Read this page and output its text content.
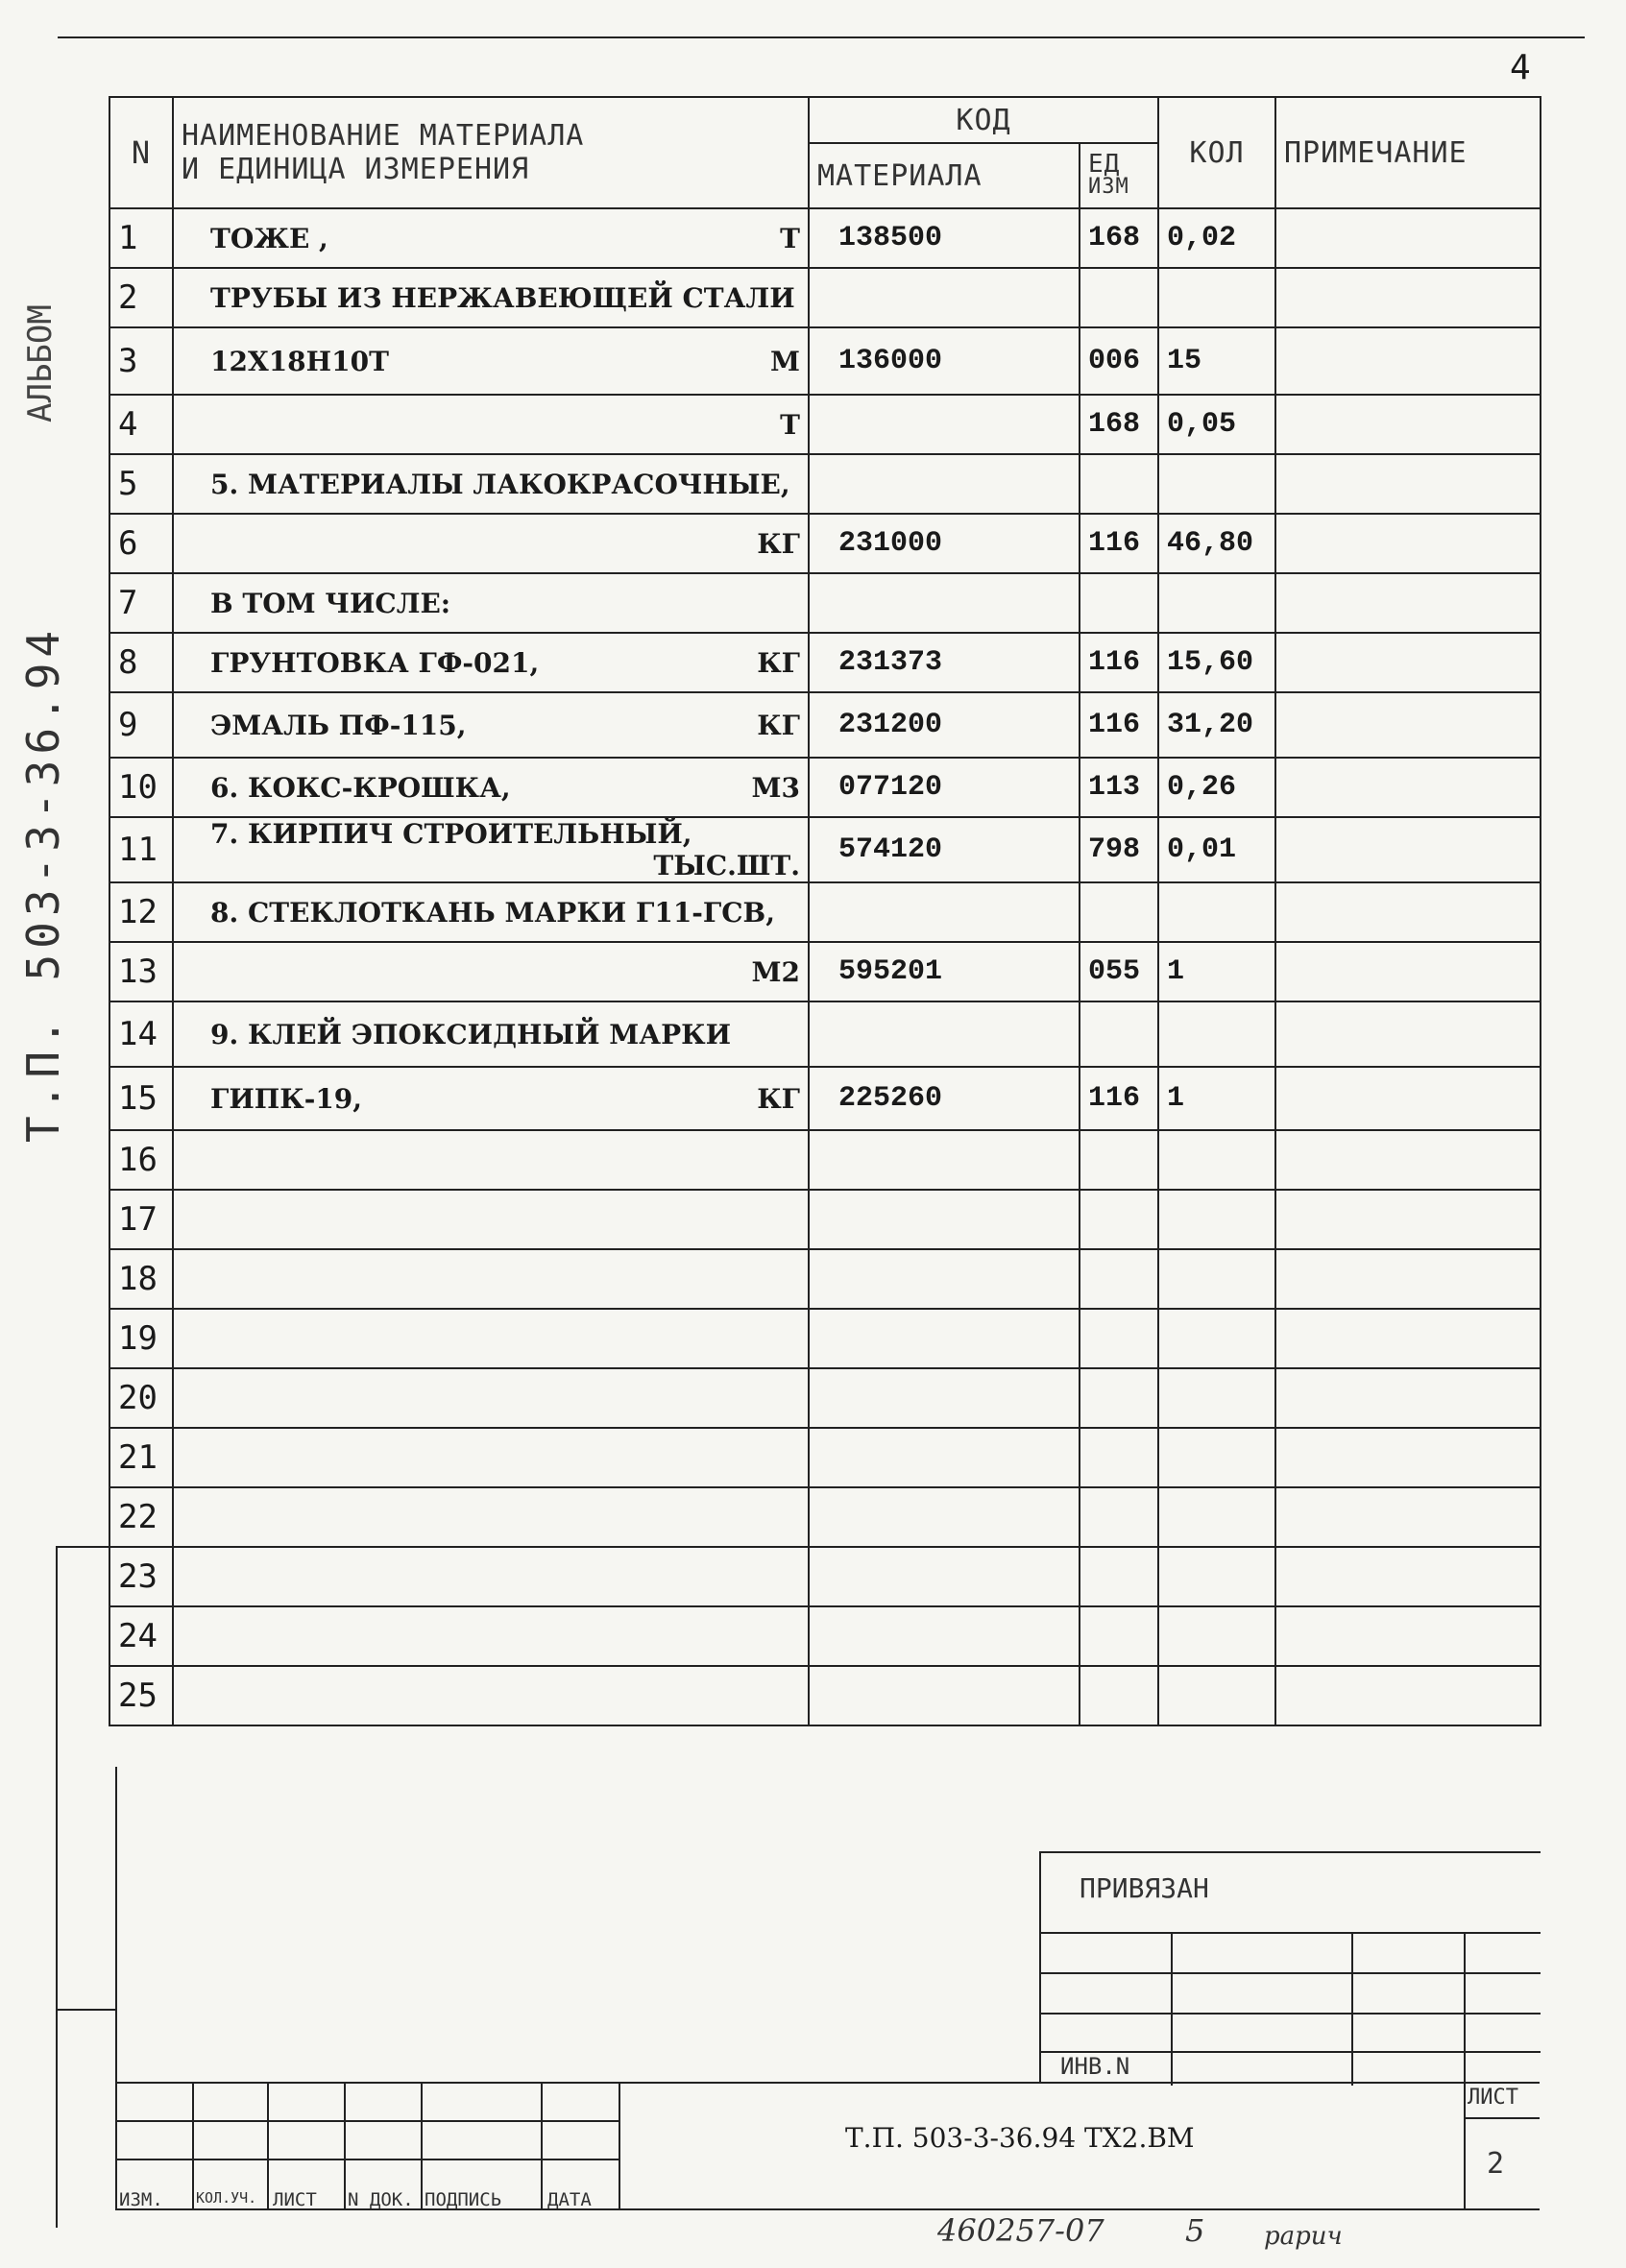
4
АЛЬБОМ
Т.П. 503-3-36.94
N	НАИМЕНОВАНИЕ МАТЕРИАЛА
И ЕДИНИЦА ИЗМЕРЕНИЯ	КОД		КОЛ	ПРИМЕЧАНИЕ
		МАТЕРИАЛА	ЕД
ИЗМ		

1	ТОЖЕ , Т	138500	168	0,02	
2	ТРУБЫ ИЗ НЕРЖАВЕЮЩЕЙ СТАЛИ

3	12Х18Н10Т М	136000	006	15	
4	Т		168	0,05	
5	5. МАТЕРИАЛЫ ЛАКОКРАСОЧНЫЕ,

6	КГ	231000	116	46,80	
7	В ТОМ ЧИСЛЕ:

8	ГРУНТОВКА ГФ-021, КГ	231373	116	15,60	
9	ЭМАЛЬ ПФ-115, КГ	231200	116	31,20	
10	6. КОКС-КРОШКА, М3	077120	113	0,26	
11	7. КИРПИЧ СТРОИТЕЛЬНЫЙ,
ТЫС.ШТ.	574120	798	0,01	
12	8. СТЕКЛОТКАНЬ МАРКИ Г11-ГСВ,

13	М2	595201	055	1	
14	9. КЛЕЙ ЭПОКСИДНЫЙ МАРКИ

15	ГИПК-19, КГ	225260	116	1	
16	

17	

18	

19	

20	

21	

22	

23	

24	

25	

ПРИВЯЗАН
ИНВ.N
ИЗМ. КОЛ.УЧ. ЛИСТ N ДОК. ПОДПИСЬ	ДАТА
Т.П. 503-3-36.94 ТХ2.ВМ
ЛИСТ
2
460257-07	5 рарич
